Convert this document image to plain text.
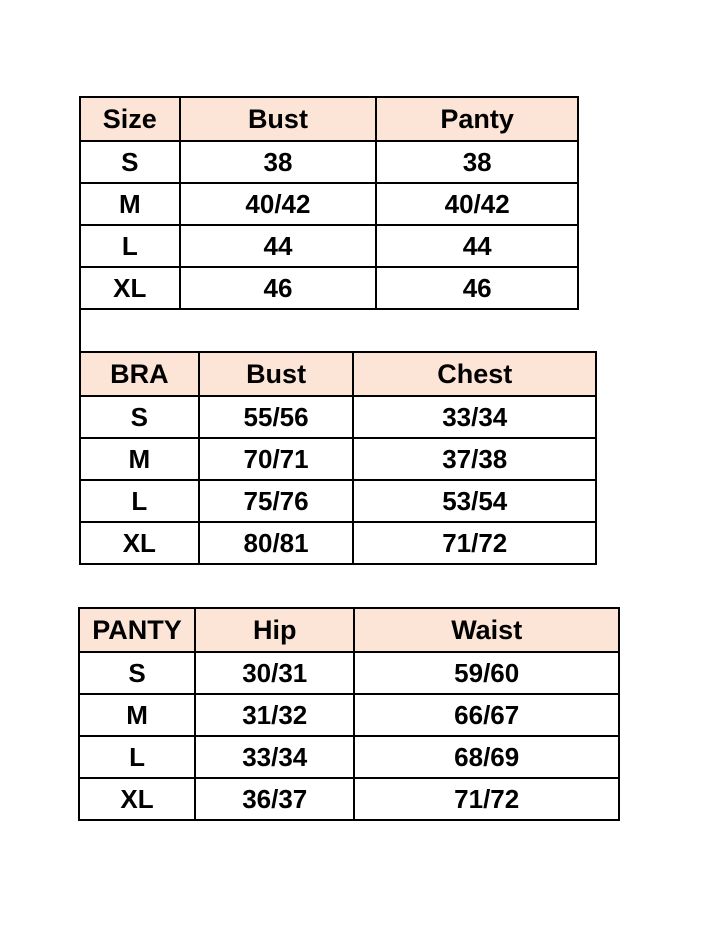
Size	Bust	Panty
S	38	38
M	40/42	40/42
L	44	44
XL	46	46
BRA	Bust	Chest
S	55/56	33/34
M	70/71	37/38
L	75/76	53/54
XL	80/81	71/72
PANTY	Hip	Waist
S	30/31	59/60
M	31/32	66/67
L	33/34	68/69
XL	36/37	71/72
